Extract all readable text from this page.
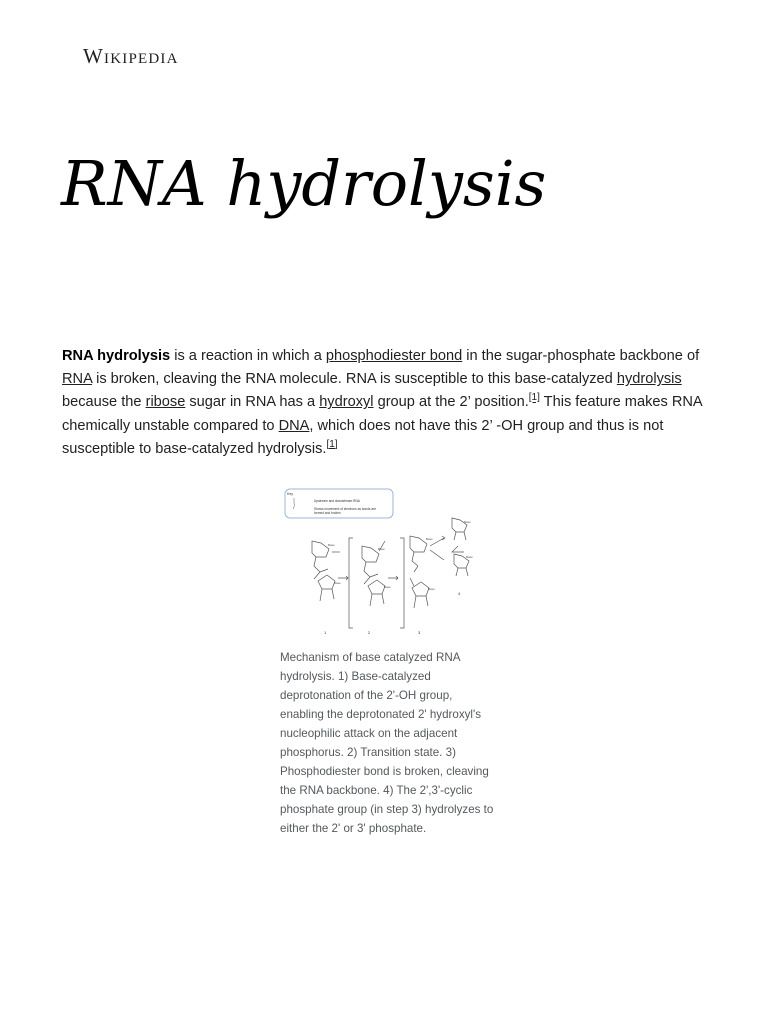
Wikipedia
RNA hydrolysis

RNA hydrolysis is a reaction in which a phosphodiester bond in the sugar-phosphate backbone of RNA is broken, cleaving the RNA molecule. RNA is susceptible to this base-catalyzed hydrolysis because the ribose sugar in RNA has a hydroxyl group at the 2’ position.[1] This feature makes RNA chemically unstable compared to DNA, which does not have this 2’ -OH group and thus is not susceptible to base-catalyzed hydrolysis.[1]

Key
Upstream and downstream RNA
Shows movement of electrons as bonds are
formed and broken
Base
Base
Base
Base
Base
Base
Base	Base
1	2	3
4

Mechanism of base catalyzed RNA hydrolysis. 1) Base-catalyzed deprotonation of the 2'-OH group, enabling the deprotonated 2' hydroxyl's nucleophilic attack on the adjacent phosphorus. 2) Transition state. 3) Phosphodiester bond is broken, cleaving the RNA backbone. 4) The 2',3'-cyclic phosphate group (in step 3) hydrolyzes to either the 2' or 3' phosphate.
